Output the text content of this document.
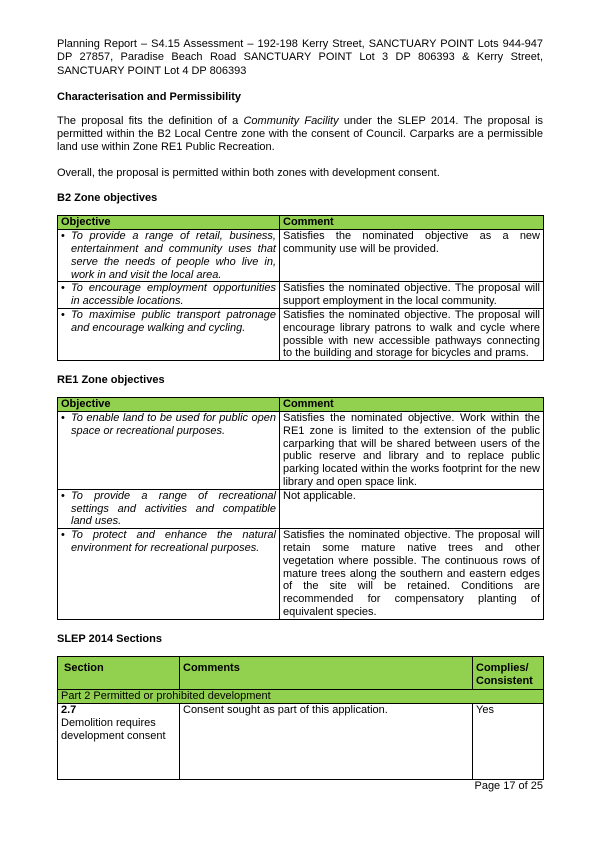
Planning Report – S4.15 Assessment – 192-198 Kerry Street, SANCTUARY POINT Lots 944-947 DP 27857, Paradise Beach Road SANCTUARY POINT Lot 3 DP 806393 & Kerry Street, SANCTUARY POINT Lot 4 DP 806393
Characterisation and Permissibility
The proposal fits the definition of a Community Facility under the SLEP 2014. The proposal is permitted within the B2 Local Centre zone with the consent of Council. Carparks are a permissible land use within Zone RE1 Public Recreation.
Overall, the proposal is permitted within both zones with development consent.
B2 Zone objectives
Objective	Comment

• To provide a range of retail, business, entertainment and community uses that serve the needs of people who live in, work in and visit the local area.	Satisfies the nominated objective as a new community use will be provided.

• To encourage employment opportunities in accessible locations.	Satisfies the nominated objective. The proposal will support employment in the local community.

• To maximise public transport patronage and encourage walking and cycling.	Satisfies the nominated objective. The proposal will encourage library patrons to walk and cycle where possible with new accessible pathways connecting to the building and storage for bicycles and prams.
RE1 Zone objectives
Objective	Comment

• To enable land to be used for public open space or recreational purposes.	Satisfies the nominated objective. Work within the RE1 zone is limited to the extension of the public carparking that will be shared between users of the public reserve and library and to replace public parking located within the works footprint for the new library and open space link.

• To provide a range of recreational settings and activities and compatible land uses.	Not applicable.

• To protect and enhance the natural environment for recreational purposes.	Satisfies the nominated objective. The proposal will retain some mature native trees and other vegetation where possible. The continuous rows of mature trees along the southern and eastern edges of the site will be retained. Conditions are recommended for compensatory planting of equivalent species.
SLEP 2014 Sections
Section	Comments	Complies/ Consistent
Part 2 Permitted or prohibited development		

2.7
Demolition requires development consent	Consent sought as part of this application.	Yes
Page 17 of 25
